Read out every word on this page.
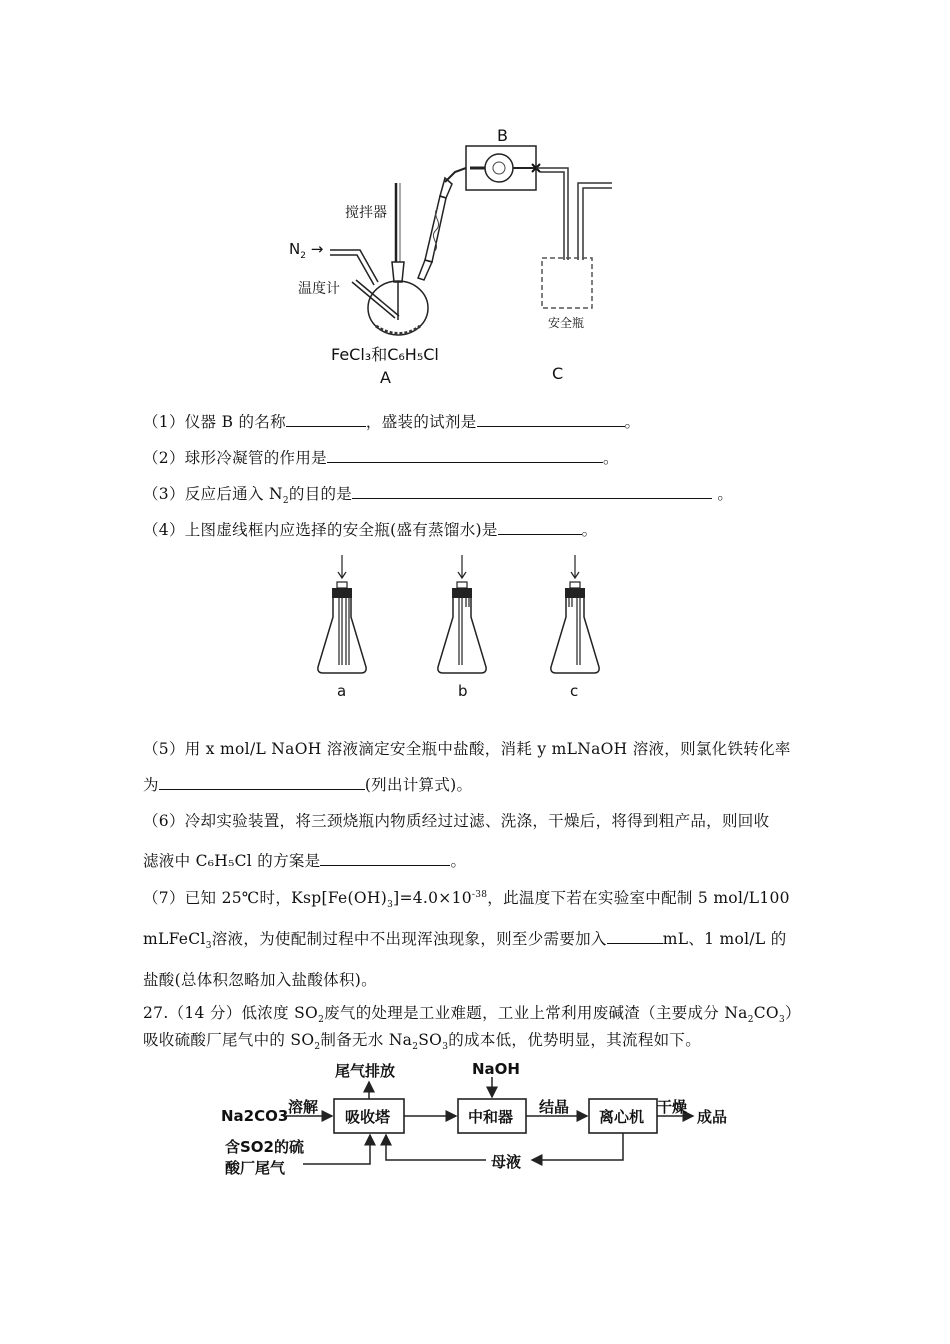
B
搅拌器
$N_2$ →
温度计
安全瓶
FeCl₃和C₆H₅Cl
A	C
（1）仪器 B 的名称	，盛装的试剂是	。
（2）球形冷凝管的作用是	。
（3）反应后通入 $N_2$的目的是	。
（4）上图虚线框内应选择的安全瓶(盛有蒸馏水)是	。
a	b	c
（5）用 x mol/L NaOH 溶液滴定安全瓶中盐酸，消耗 y mLNaOH 溶液，则氯化铁转化率
为	(列出计算式)。
（6）冷却实验装置，将三颈烧瓶内物质经过过滤、洗涤，干燥后，将得到粗产品，则回收
滤液中 C₆H₅Cl 的方案是	。
（7）已知 25℃时，$Ksp[Fe(OH)_3]=4.0\times 10^{-38}$，此温度下若在实验室中配制 5 mol/L100
mLFeCl$_3$溶液，为使配制过程中不出现浑浊现象，则至少需要加入	mL、1 mol/L 的
盐酸(总体积忽略加入盐酸体积)。
27.（14 分）低浓度 $SO_2$废气的处理是工业难题，工业上常利用废碱渣（主要成分 $Na_2CO_3$）
吸收硫酸厂尾气中的 $SO_2$制备无水 $Na_2SO_3$的成本低，优势明显，其流程如下。
尾气排放	NaOH
Na2CO3 溶解
吸收塔	中和器
结晶
离心机
干燥
成品
含SO2的硫
酸厂尾气	母液
